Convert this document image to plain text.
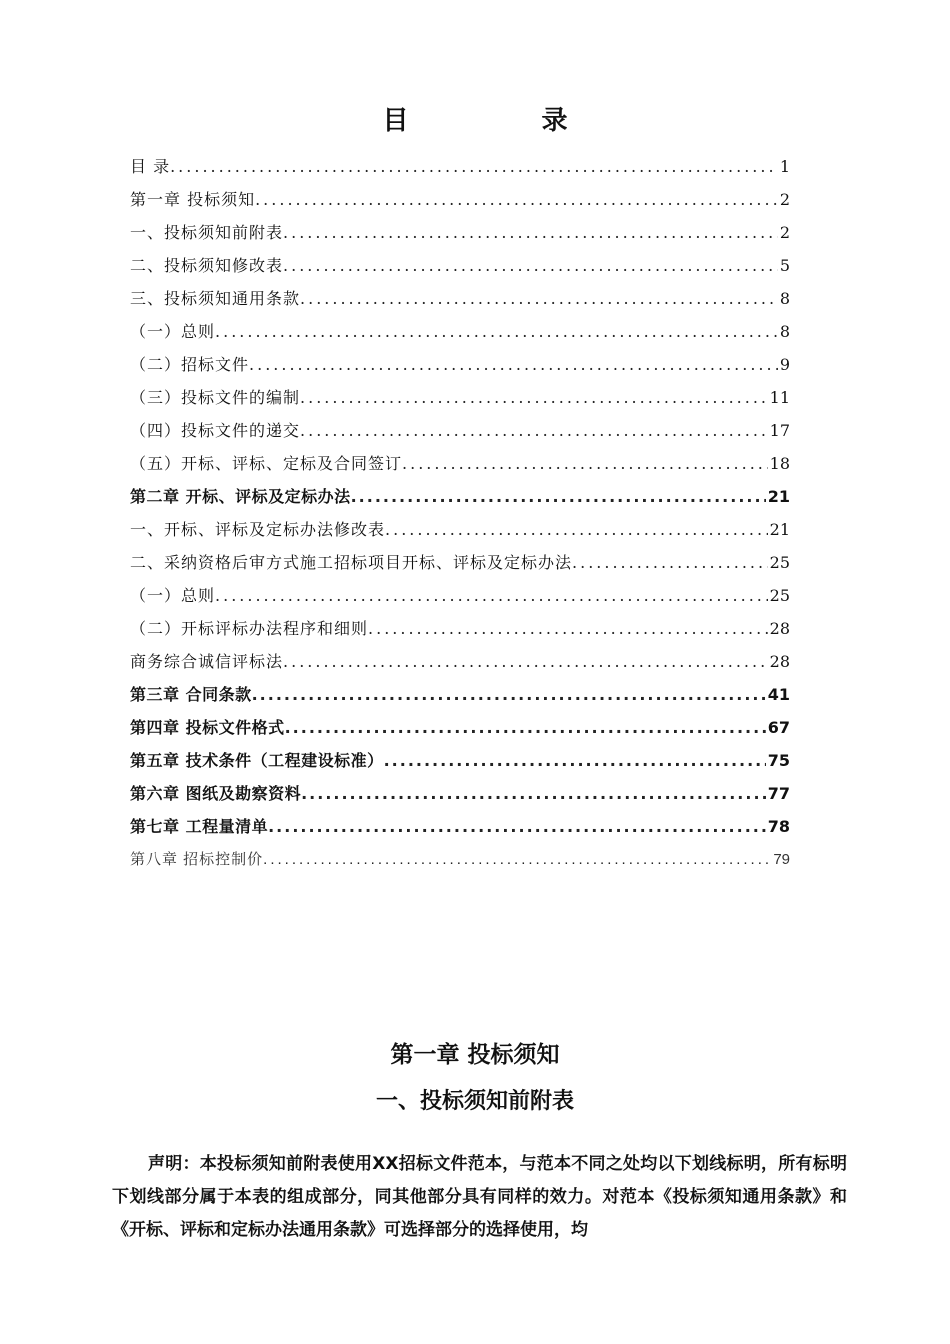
目 录
目 录 .....	1
第一章 投标须知 .....	2
一、投标须知前附表 .....	2
二、投标须知修改表 .....	5
三、投标须知通用条款 .....	8
（一）总则 .....	8
（二）招标文件 .....	9
（三）投标文件的编制 .....	11
（四）投标文件的递交 .....	17
（五）开标、评标、定标及合同签订 .....	18
第二章 开标、评标及定标办法 .....	21
一、开标、评标及定标办法修改表 .....	21
二、采纳资格后审方式施工招标项目开标、评标及定标办法 .....	25
（一）总则 .....	25
（二）开标评标办法程序和细则 .....	28
商务综合诚信评标法 .....	28
第三章 合同条款 .....	41
第四章 投标文件格式 .....	67
第五章 技术条件（工程建设标准） .....	75
第六章 图纸及勘察资料 .....	77
第七章 工程量清单 .....	78
第八章 招标控制价 .....	79
第一章 投标须知
一、投标须知前附表

声明：本投标须知前附表使用XX招标文件范本，与范本不同之处均以下划线标明，所有标明下划线部分属于本表的组成部分，同其他部分具有同样的效力。对范本《投标须知通用条款》和《开标、评标和定标办法通用条款》可选择部分的选择使用，均
